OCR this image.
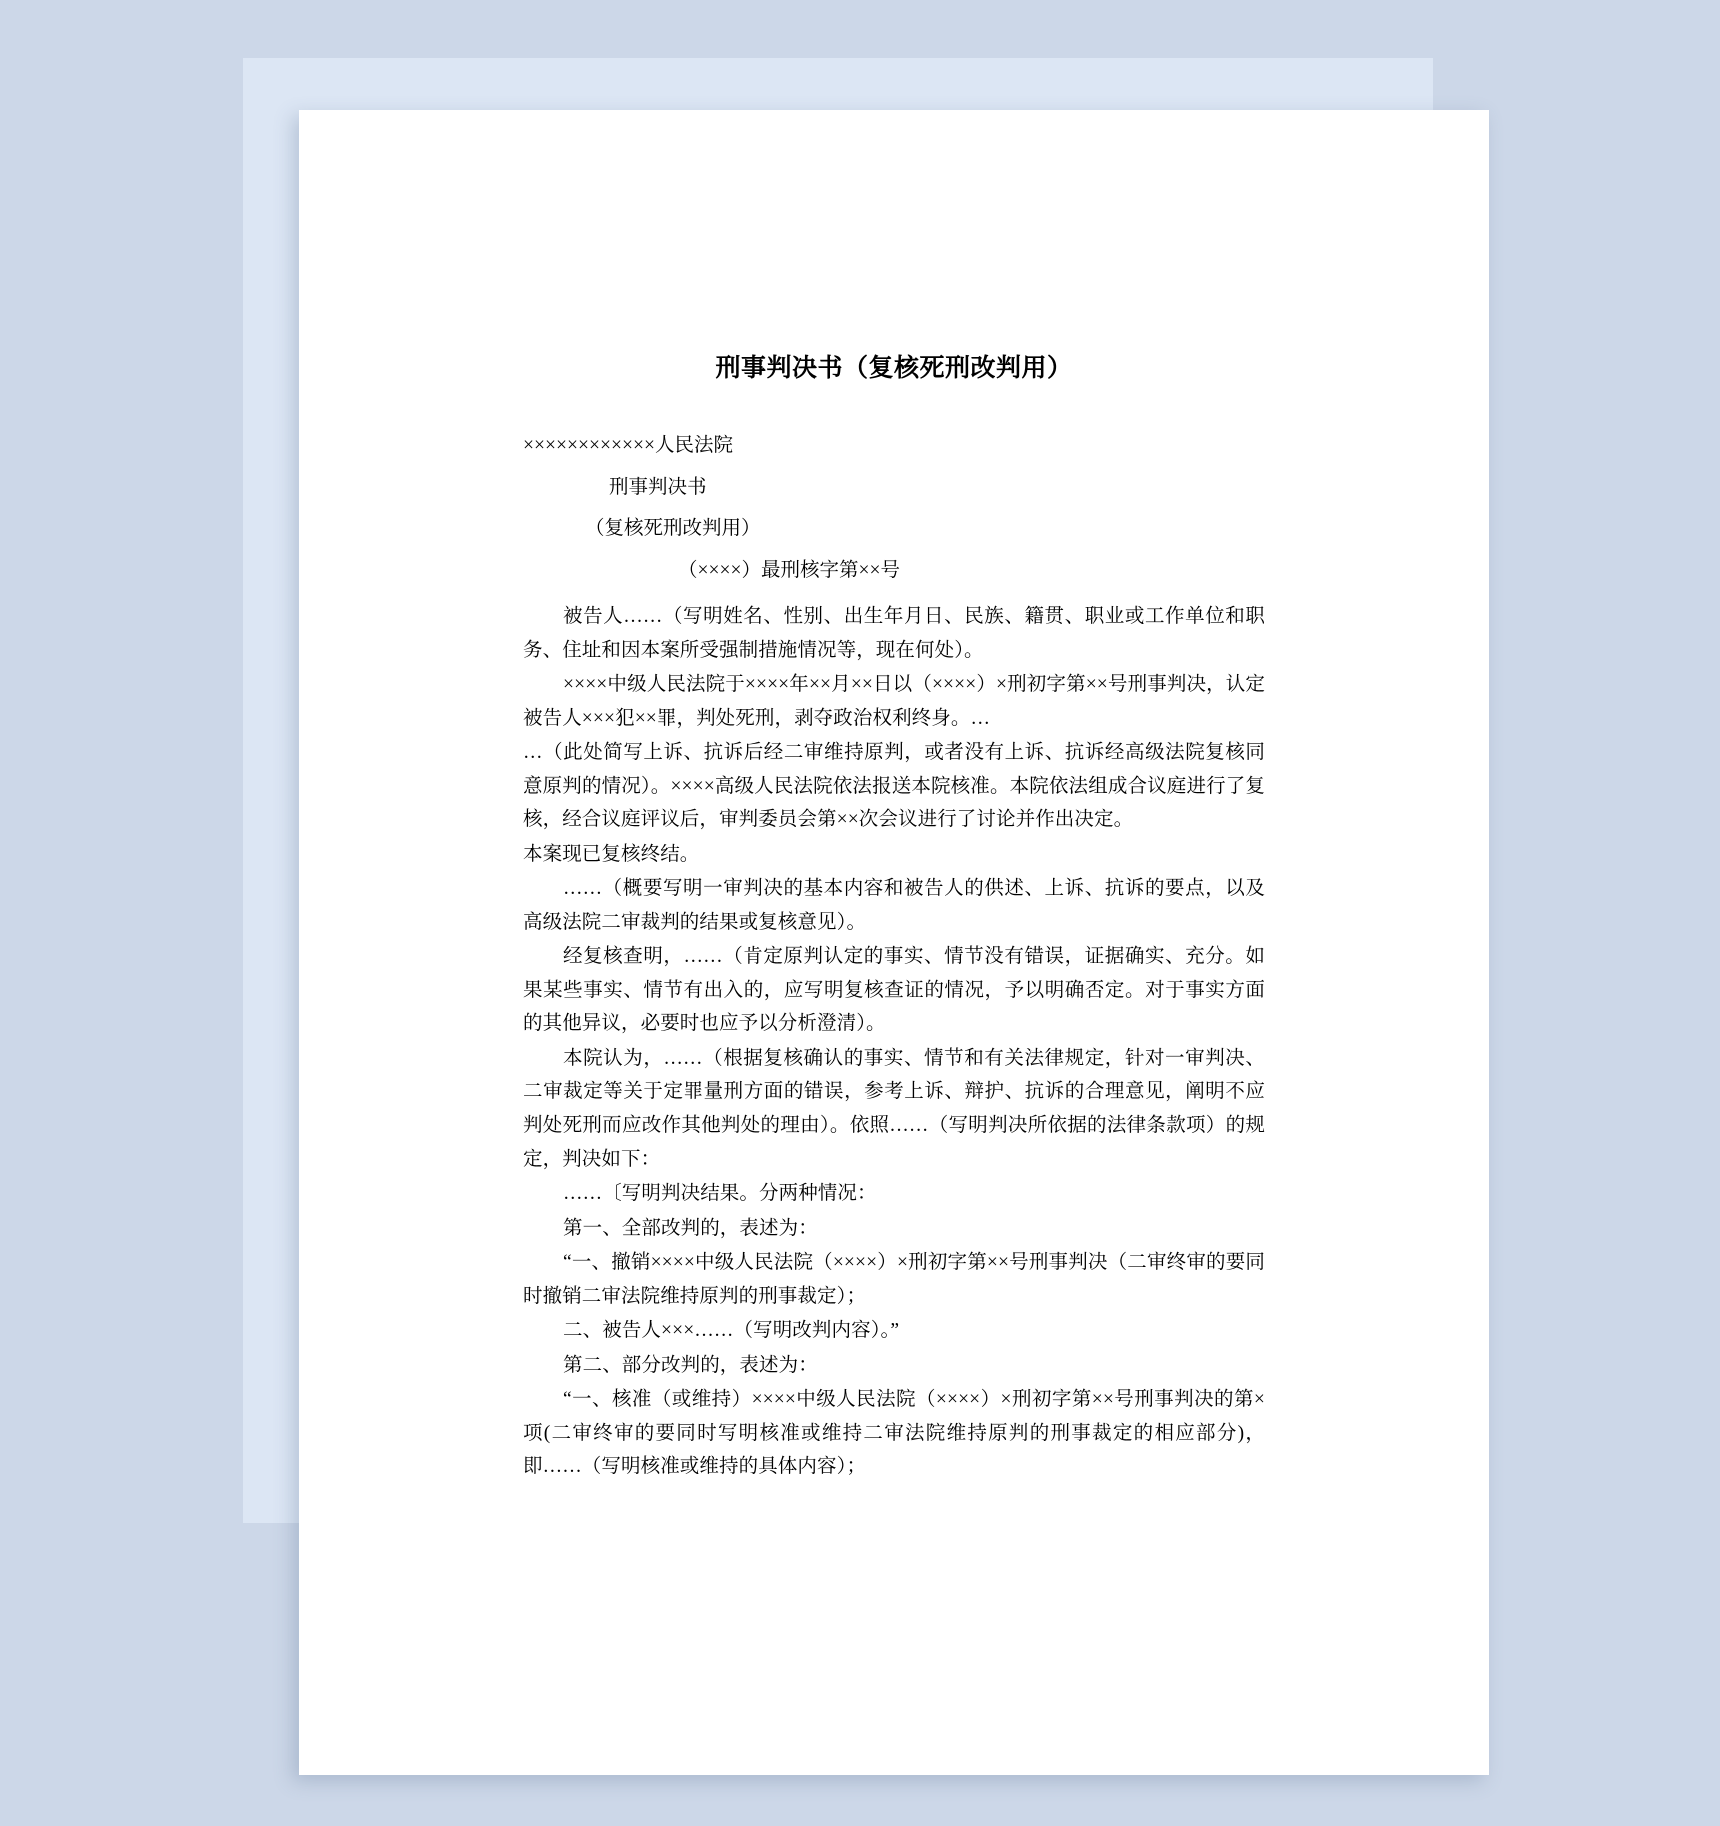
刑事判决书（复核死刑改判用）
××××××××××××人民法院
刑事判决书
（复核死刑改判用）
（××××）最刑核字第××号

被告人……（写明姓名、性别、出生年月日、民族、籍贯、职业或工作单位和职务、住址和因本案所受强制措施情况等，现在何处）。

××××中级人民法院于××××年××月××日以（××××）×刑初字第××号刑事判决，认定被告人×××犯××罪，判处死刑，剥夺政治权利终身。…

…（此处简写上诉、抗诉后经二审维持原判，或者没有上诉、抗诉经高级法院复核同意原判的情况）。××××高级人民法院依法报送本院核准。本院依法组成合议庭进行了复核，经合议庭评议后，审判委员会第××次会议进行了讨论并作出决定。

本案现已复核终结。

……（概要写明一审判决的基本内容和被告人的供述、上诉、抗诉的要点，以及高级法院二审裁判的结果或复核意见）。

经复核查明，……（肯定原判认定的事实、情节没有错误，证据确实、充分。如果某些事实、情节有出入的，应写明复核查证的情况，予以明确否定。对于事实方面的其他异议，必要时也应予以分析澄清）。

本院认为，……（根据复核确认的事实、情节和有关法律规定，针对一审判决、二审裁定等关于定罪量刑方面的错误，参考上诉、辩护、抗诉的合理意见，阐明不应判处死刑而应改作其他判处的理由）。依照……（写明判决所依据的法律条款项）的规定，判决如下：

……〔写明判决结果。分两种情况：

第一、全部改判的，表述为：

“一、撤销××××中级人民法院（××××）×刑初字第××号刑事判决（二审终审的要同时撤销二审法院维持原判的刑事裁定）；

二、被告人×××……（写明改判内容）。”

第二、部分改判的，表述为：

“一、核准（或维持）××××中级人民法院（××××）×刑初字第××号刑事判决的第×项(二审终审的要同时写明核准或维持二审法院维持原判的刑事裁定的相应部分)，即……（写明核准或维持的具体内容）；
